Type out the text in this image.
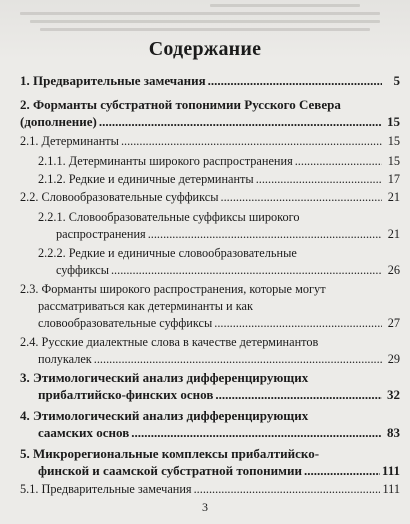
Содержание
1. Предварительные замечания .....	5
2. Форманты субстратной топонимии Русского Севера
(дополнение) .....	15
2.1. Детерминанты .....	15
2.1.1. Детерминанты широкого распространения .....	15
2.1.2. Редкие и единичные детерминанты .....	17
2.2. Словообразовательные суффиксы .....	21
2.2.1. Словообразовательные суффиксы широкого
распространения .....	21
2.2.2. Редкие и единичные словообразовательные
суффиксы .....	26
2.3. Форманты широкого распространения, которые могут
рассматриваться как детерминанты и как
словообразовательные суффиксы .....	27
2.4. Русские диалектные слова в качестве детерминантов
полукалек .....	29
3. Этимологический анализ дифференцирующих
прибалтийско-финских основ .....	32
4. Этимологический анализ дифференцирующих
саамских основ .....	83
5. Микрорегиональные комплексы прибалтийско-
финской и саамской субстратной топонимии .....	111
5.1. Предварительные замечания .....	111
3
